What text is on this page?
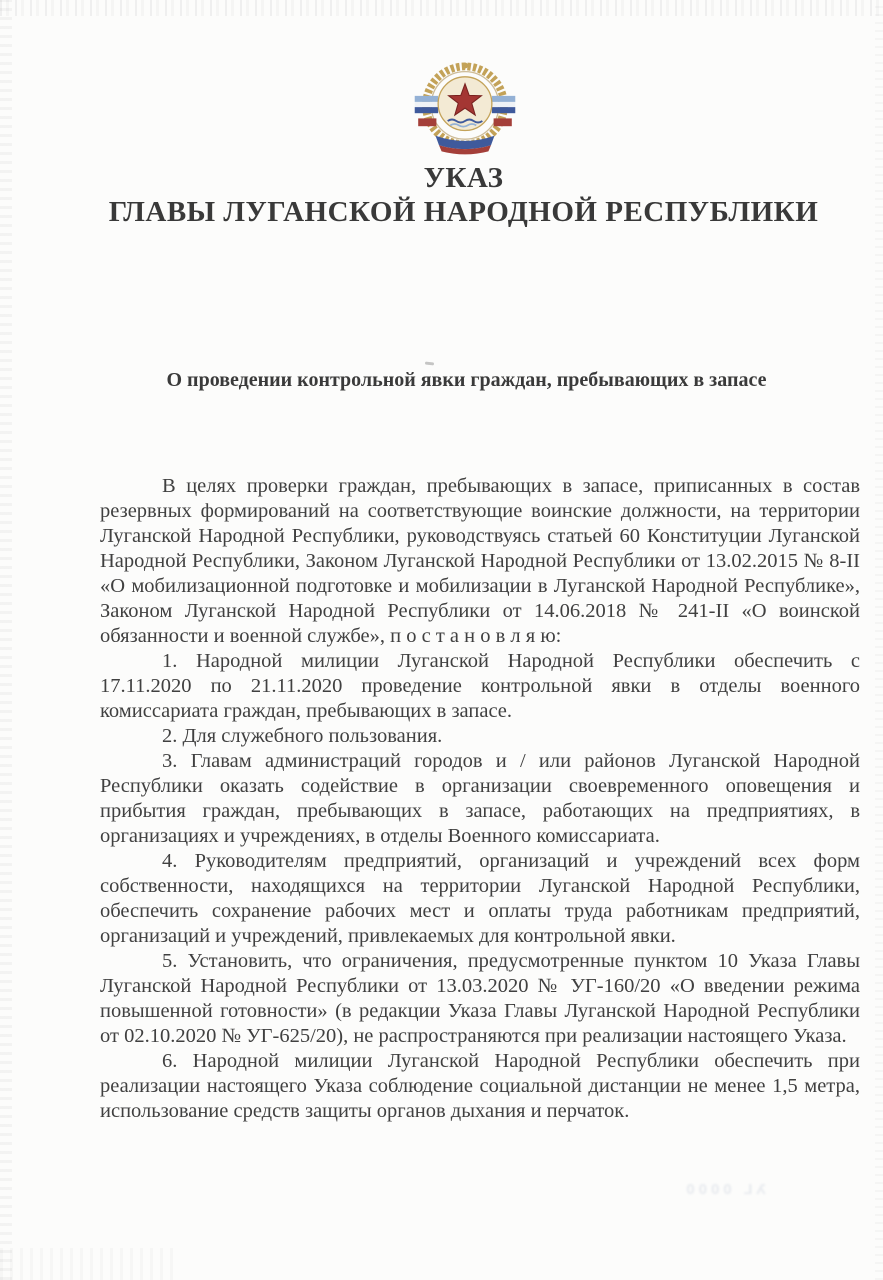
УКАЗ
ГЛАВЫ ЛУГАНСКОЙ НАРОДНОЙ РЕСПУБЛИКИ
О проведении контрольной явки граждан, пребывающих в запасе

В целях проверки граждан, пребывающих в запасе, приписанных в состав резервных формирований на соответствующие воинские должности, на территории Луганской Народной Республики, руководствуясь статьей 60 Конституции Луганской Народной Республики, Законом Луганской Народной Республики от 13.02.2015 № 8-II «О мобилизационной подготовке и мобилизации в Луганской Народной Республике», Законом Луганской Народной Республики от 14.06.2018 № 241-II «О воинской обязанности и военной службе», п о с т а н о в л я ю:

1. Народной милиции Луганской Народной Республики обеспечить с 17.11.2020 по 21.11.2020 проведение контрольной явки в отделы военного комиссариата граждан, пребывающих в запасе.

2. Для служебного пользования.

3. Главам администраций городов и / или районов Луганской Народной Республики оказать содействие в организации своевременного оповещения и прибытия граждан, пребывающих в запасе, работающих на предприятиях, в организациях и учреждениях, в отделы Военного комиссариата.

4. Руководителям предприятий, организаций и учреждений всех форм собственности, находящихся на территории Луганской Народной Республики, обеспечить сохранение рабочих мест и оплаты труда работникам предприятий, организаций и учреждений, привлекаемых для контрольной явки.

5. Установить, что ограничения, предусмотренные пунктом 10 Указа Главы Луганской Народной Республики от 13.03.2020 № УГ-160/20 «О введении режима повышенной готовности» (в редакции Указа Главы Луганской Народной Республики от 02.10.2020 № УГ-625/20), не распространяются при реализации настоящего Указа.

6. Народной милиции Луганской Народной Республики обеспечить при реализации настоящего Указа соблюдение социальной дистанции не менее 1,5 метра, использование средств защиты органов дыхания и перчаток.

УГ 0000
